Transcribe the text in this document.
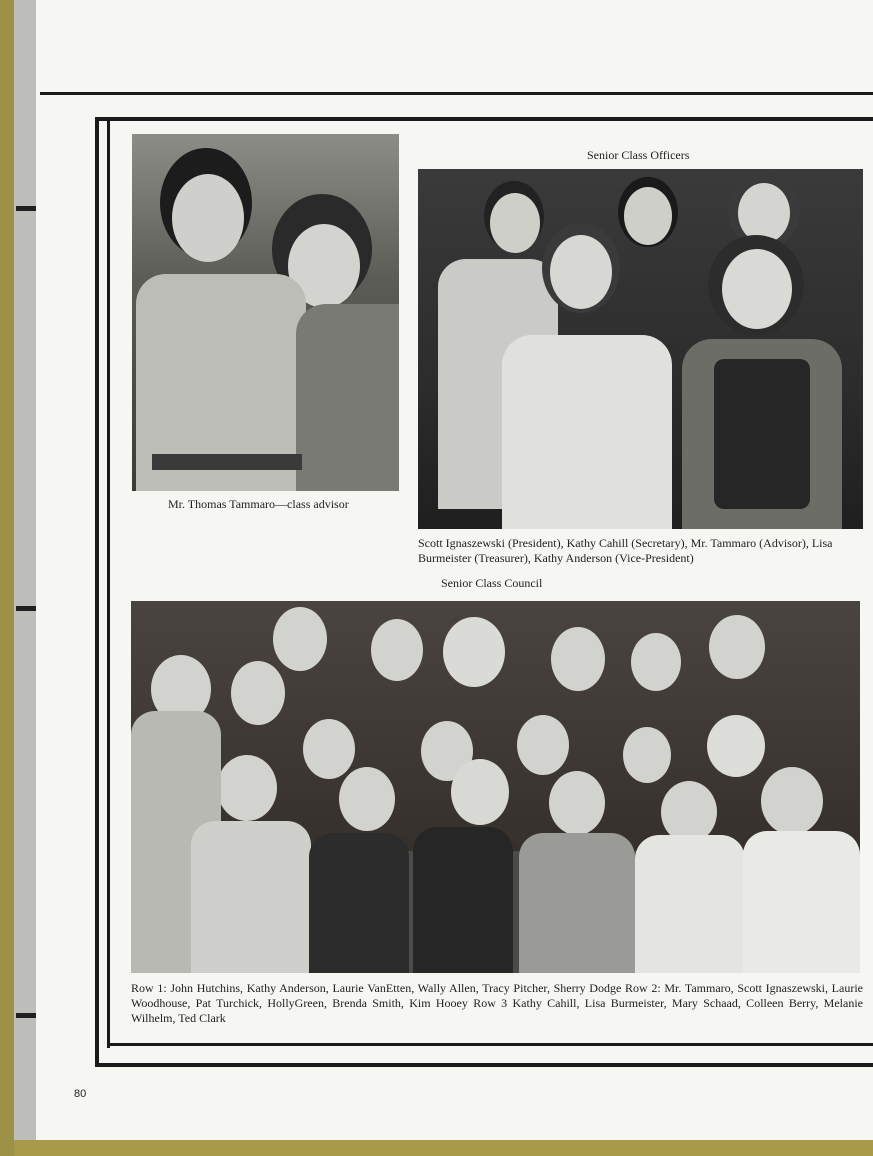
Mr. Thomas Tammaro—class advisor
Senior Class Officers
Scott Ignaszewski (President), Kathy Cahill (Secretary), Mr. Tammaro (Advisor), Lisa Burmeister (Treasurer), Kathy Anderson (Vice-President)
Senior Class Council
Row 1: John Hutchins, Kathy Anderson, Laurie VanEtten, Wally Allen, Tracy Pitcher, Sherry Dodge Row 2: Mr. Tammaro, Scott Ignaszewski, Laurie Woodhouse, Pat Turchick, HollyGreen, Brenda Smith, Kim Hooey Row 3 Kathy Cahill, Lisa Burmeister, Mary Schaad, Colleen Berry, Melanie Wilhelm, Ted Clark
80
